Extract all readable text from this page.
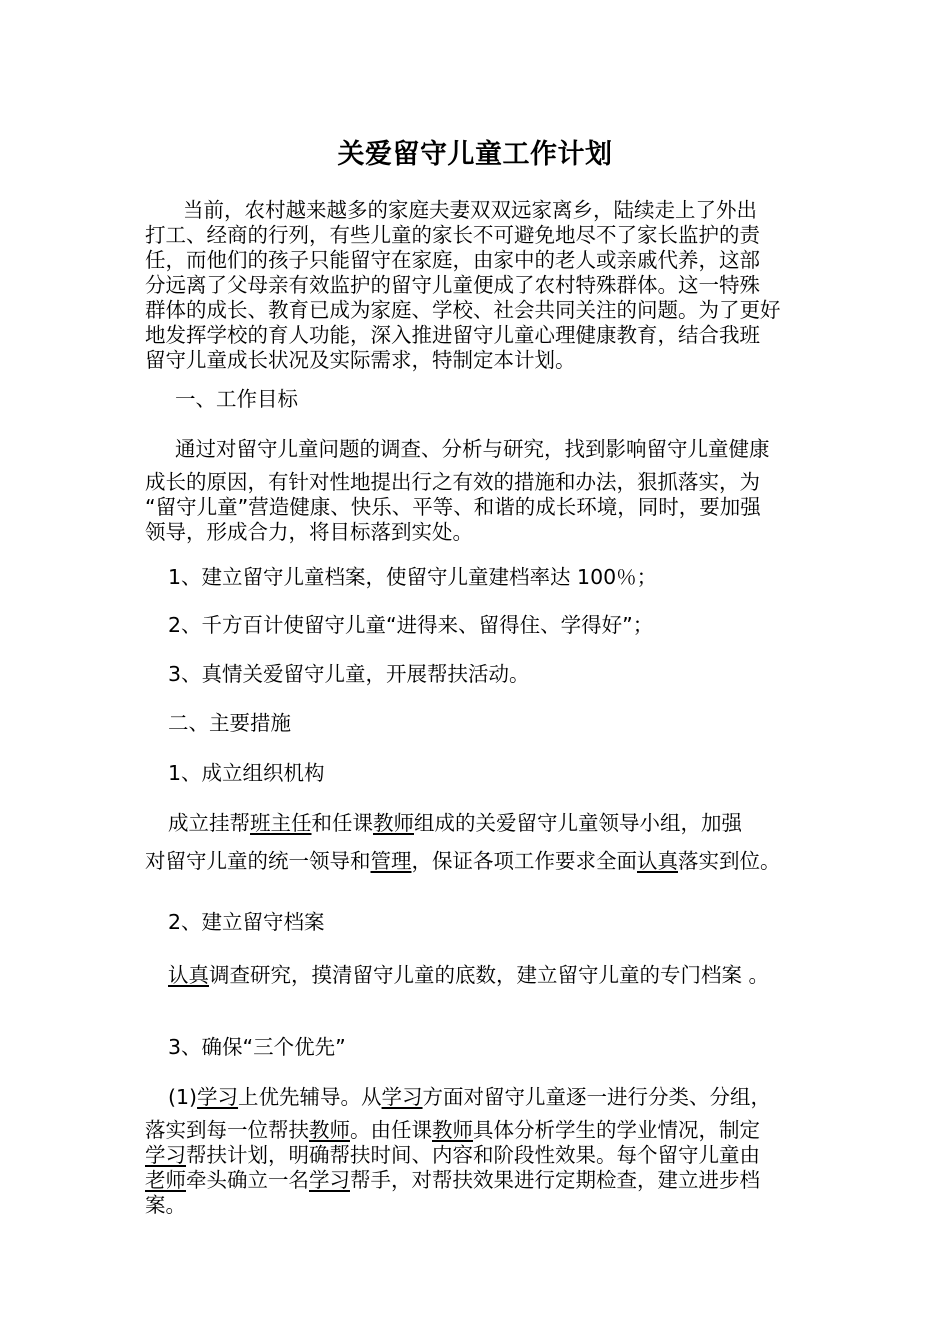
关爱留守儿童工作计划

当前，农村越来越多的家庭夫妻双双远家离乡，陆续走上了外出

打工、经商的行列，有些儿童的家长不可避免地尽不了家长监护的责

任，而他们的孩子只能留守在家庭，由家中的老人或亲戚代养，这部

分远离了父母亲有效监护的留守儿童便成了农村特殊群体。这一特殊

群体的成长、教育已成为家庭、学校、社会共同关注的问题。为了更好

地发挥学校的育人功能，深入推进留守儿童心理健康教育，结合我班

留守儿童成长状况及实际需求，特制定本计划。

一、工作目标
通过对留守儿童问题的调查、分析与研究，找到影响留守儿童健康

成长的原因，有针对性地提出行之有效的措施和办法，狠抓落实，为

“留守儿童”营造健康、快乐、平等、和谐的成长环境，同时，要加强

领导，形成合力，将目标落到实处。

1、建立留守儿童档案，使留守儿童建档率达 100％；
2、千方百计使留守儿童“进得来、留得住、学得好”；
3、真情关爱留守儿童，开展帮扶活动。
二、主要措施
1、成立组织机构
成立挂帮班主任和任课教师组成的关爱留守儿童领导小组，加强
对留守儿童的统一领导和管理，保证各项工作要求全面认真落实到位。
2、建立留守档案
认真调查研究，摸清留守儿童的底数，建立留守儿童的专门档案 。
3、确保“三个优先”
(1)学习上优先辅导。从学习方面对留守儿童逐一进行分类、分组，

落实到每一位帮扶教师。由任课教师具体分析学生的学业情况，制定

学习帮扶计划，明确帮扶时间、内容和阶段性效果。每个留守儿童由

老师牵头确立一名学习帮手，对帮扶效果进行定期检查，建立进步档

案。
